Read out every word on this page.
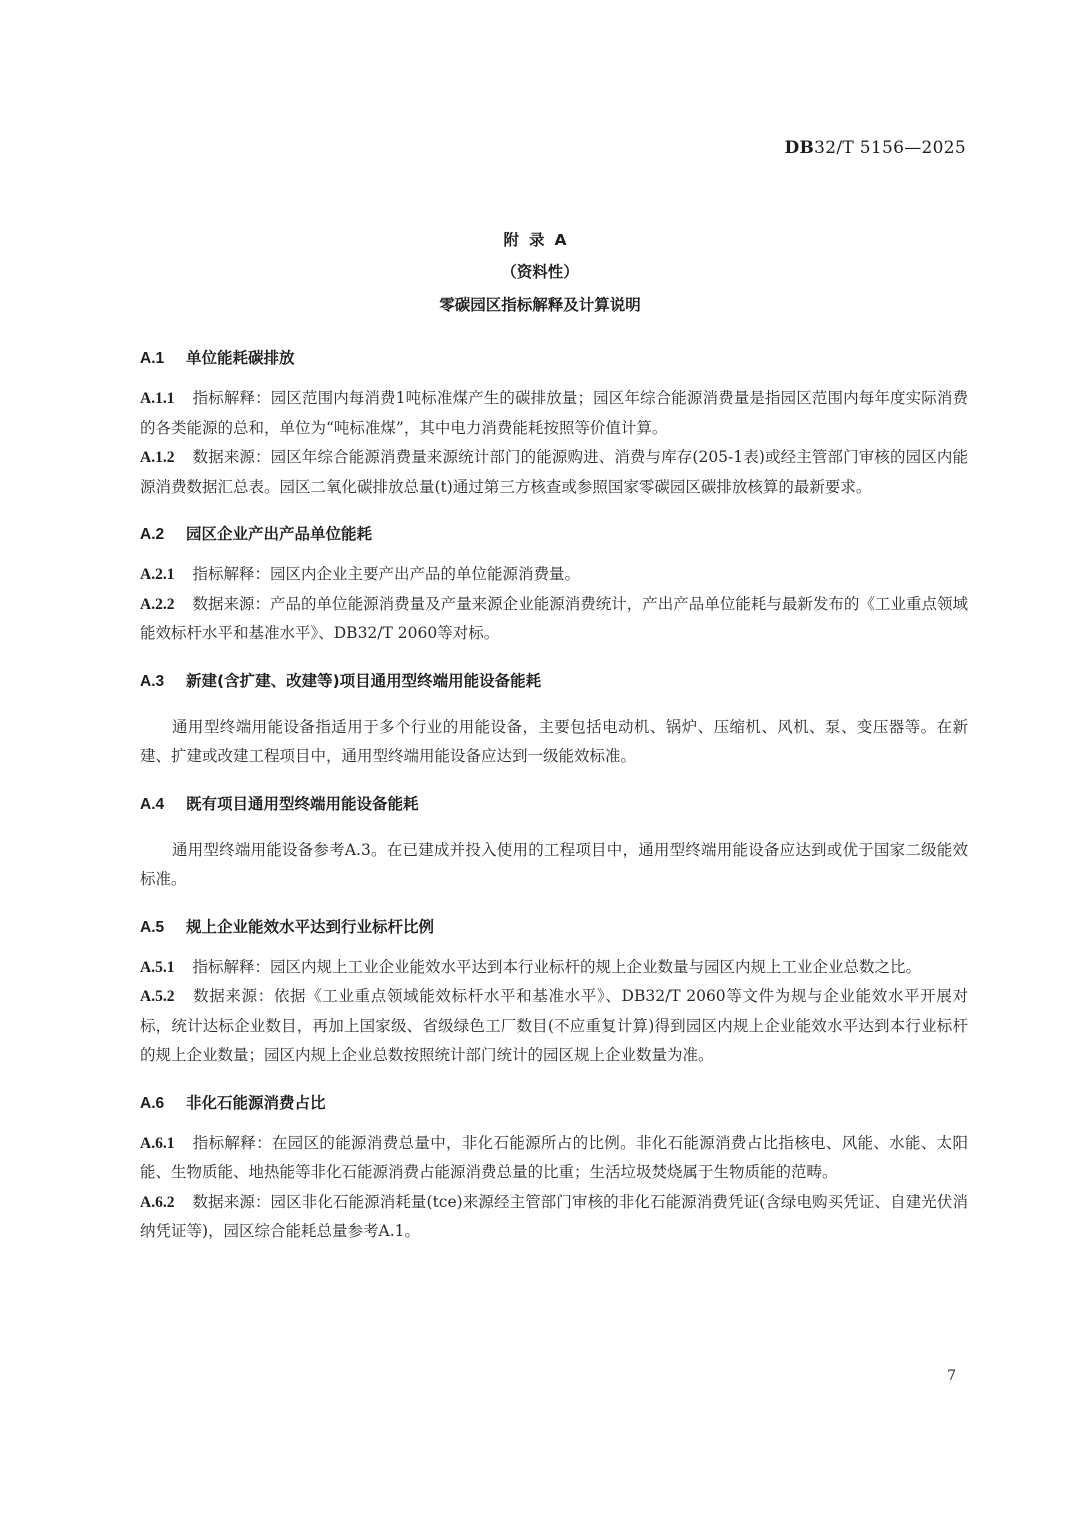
DB32/T 5156—2025
附录A
（资料性）
零碳园区指标解释及计算说明
A.1 单位能耗碳排放

A.1.1 指标解释：园区范围内每消费1吨标准煤产生的碳排放量；园区年综合能源消费量是指园区范围内每年度实际消费的各类能源的总和，单位为“吨标准煤”，其中电力消费能耗按照等价值计算。

A.1.2 数据来源：园区年综合能源消费量来源统计部门的能源购进、消费与库存(205-1表)或经主管部门审核的园区内能源消费数据汇总表。园区二氧化碳排放总量(t)通过第三方核查或参照国家零碳园区碳排放核算的最新要求。

A.2 园区企业产出产品单位能耗

A.2.1 指标解释：园区内企业主要产出产品的单位能源消费量。

A.2.2 数据来源：产品的单位能源消费量及产量来源企业能源消费统计，产出产品单位能耗与最新发布的《工业重点领域能效标杆水平和基准水平》、DB32/T 2060等对标。

A.3 新建(含扩建、改建等)项目通用型终端用能设备能耗

通用型终端用能设备指适用于多个行业的用能设备，主要包括电动机、锅炉、压缩机、风机、泵、变压器等。在新建、扩建或改建工程项目中，通用型终端用能设备应达到一级能效标准。

A.4 既有项目通用型终端用能设备能耗

通用型终端用能设备参考A.3。在已建成并投入使用的工程项目中，通用型终端用能设备应达到或优于国家二级能效标准。

A.5 规上企业能效水平达到行业标杆比例

A.5.1 指标解释：园区内规上工业企业能效水平达到本行业标杆的规上企业数量与园区内规上工业企业总数之比。

A.5.2 数据来源：依据《工业重点领域能效标杆水平和基准水平》、DB32/T 2060等文件为规与企业能效水平开展对标，统计达标企业数目，再加上国家级、省级绿色工厂数目(不应重复计算)得到园区内规上企业能效水平达到本行业标杆的规上企业数量；园区内规上企业总数按照统计部门统计的园区规上企业数量为准。

A.6 非化石能源消费占比

A.6.1 指标解释：在园区的能源消费总量中，非化石能源所占的比例。非化石能源消费占比指核电、风能、水能、太阳能、生物质能、地热能等非化石能源消费占能源消费总量的比重；生活垃圾焚烧属于生物质能的范畴。

A.6.2 数据来源：园区非化石能源消耗量(tce)来源经主管部门审核的非化石能源消费凭证(含绿电购买凭证、自建光伏消纳凭证等)，园区综合能耗总量参考A.1。

7
